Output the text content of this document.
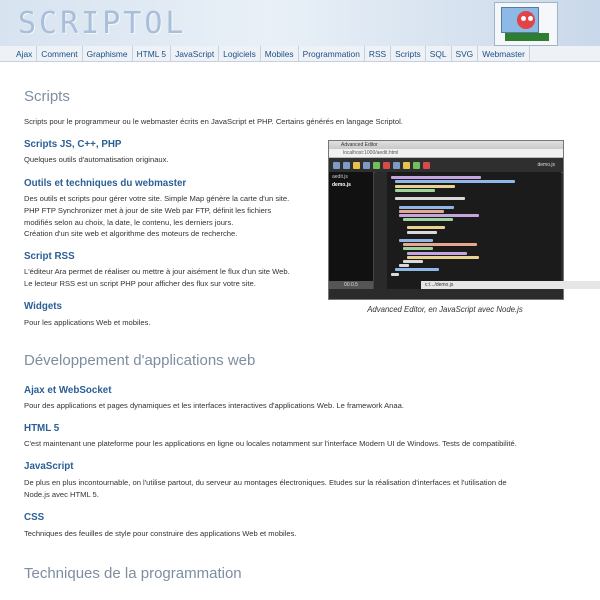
SCRIPTOL
Ajax	Comment	Graphisme	HTML 5	JavaScript	Logiciels	Mobiles	Programmation	RSS	Scripts	SQL	SVG	Webmaster
Scripts

Scripts pour le programmeur ou le webmaster écrits en JavaScript et PHP. Certains générés en langage Scriptol.

Scripts JS, C++, PHP

Quelques outils d'automatisation originaux.

Outils et techniques du webmaster

Des outils et scripts pour gérer votre site. Simple Map génère la carte d'un site.

PHP FTP Synchronizer met à jour de site Web par FTP, définit les fichiers

modifiés selon au choix, la date, le contenu, les derniers jours.

Création d'un site web et algorithme des moteurs de recherche.

Script RSS

L'éditeur Ara permet de réaliser ou mettre à jour aisément le flux d'un site Web.

Le lecteur RSS est un script PHP pour afficher des flux sur votre site.

Widgets

Pour les applications Web et mobiles.

Advanced Editor
localhost:1000/aedit.html
demo.js
aedit.js
demo.js
00.0.5	c:/.../demo.js
Advanced Editor, en JavaScript avec Node.js
Développement d'applications web
Ajax et WebSocket

Pour des applications et pages dynamiques et les interfaces interactives d'applications Web. Le framework Anaa.

HTML 5

C'est maintenant une plateforme pour les applications en ligne ou locales notamment sur l'interface Modern UI de Windows. Tests de compatibilité.

JavaScript

De plus en plus incontournable, on l'utilise partout, du serveur au montages électroniques. Etudes sur la réalisation d'interfaces et l'utilisation de

Node.js avec HTML 5.

CSS

Techniques des feuilles de style pour construire des applications Web et mobiles.

Techniques de la programmation
